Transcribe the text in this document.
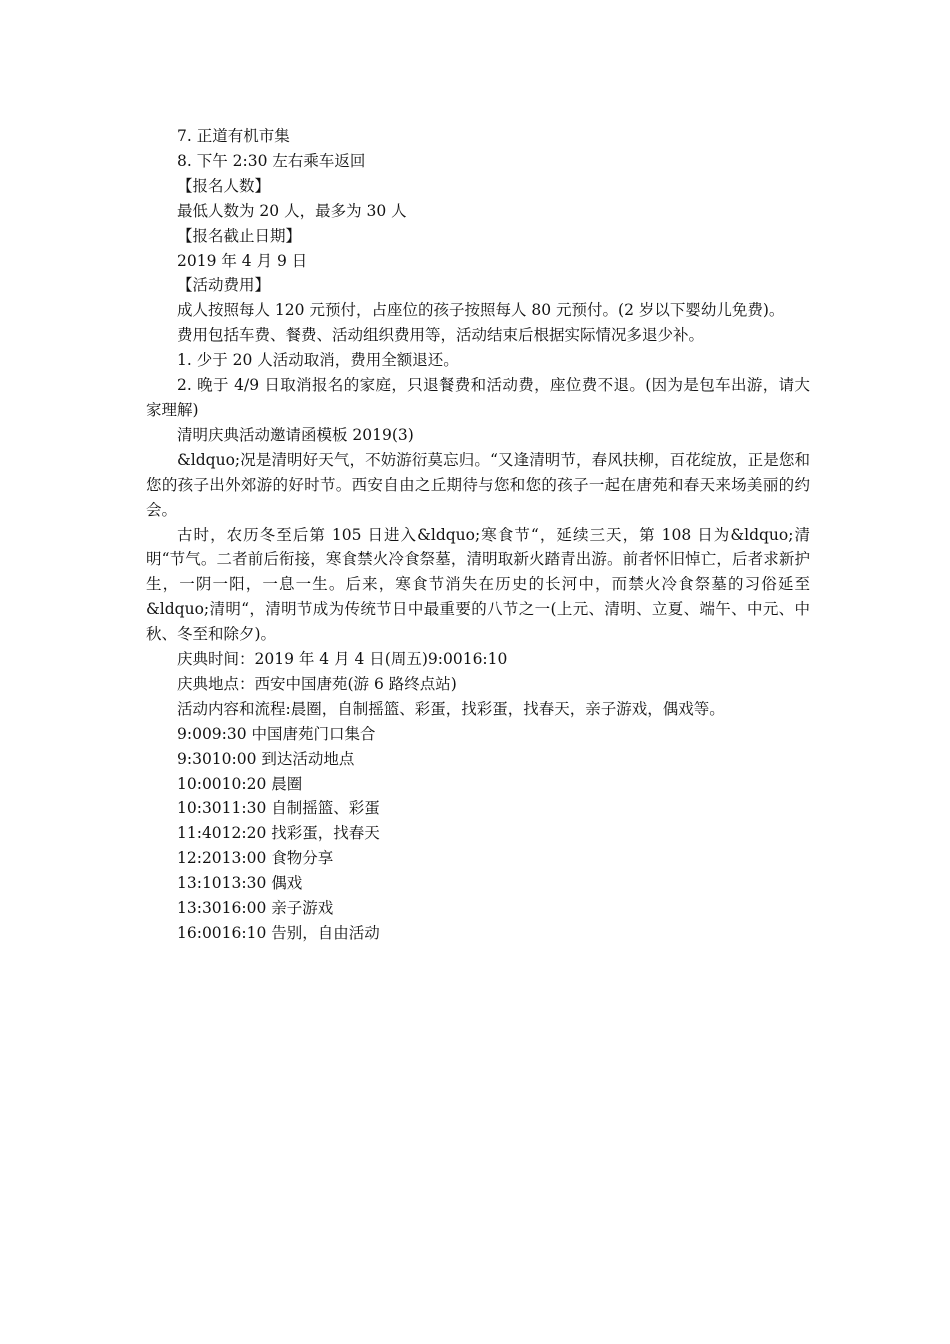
7. 正道有机市集

8. 下午 2:30 左右乘车返回

【报名人数】

最低人数为 20 人，最多为 30 人

【报名截止日期】

2019 年 4 月 9 日

【活动费用】

成人按照每人 120 元预付，占座位的孩子按照每人 80 元预付。(2 岁以下婴幼儿免费)。

费用包括车费、餐费、活动组织费用等，活动结束后根据实际情况多退少补。

1. 少于 20 人活动取消，费用全额退还。

2. 晚于 4/9 日取消报名的家庭，只退餐费和活动费，座位费不退。(因为是包车出游，请大家理解)

清明庆典活动邀请函模板 2019(3)

&ldquo;况是清明好天气，不妨游衍莫忘归。“又逢清明节，春风扶柳，百花绽放，正是您和您的孩子出外郊游的好时节。西安自由之丘期待与您和您的孩子一起在唐苑和春天来场美丽的约会。

古时，农历冬至后第 105 日进入&ldquo;寒食节“，延续三天，第 108 日为&ldquo;清明“节气。二者前后衔接，寒食禁火冷食祭墓，清明取新火踏青出游。前者怀旧悼亡，后者求新护生，一阴一阳，一息一生。后来，寒食节消失在历史的长河中，而禁火冷食祭墓的习俗延至&ldquo;清明“，清明节成为传统节日中最重要的八节之一(上元、清明、立夏、端午、中元、中秋、冬至和除夕)。

庆典时间：2019 年 4 月 4 日(周五)9:0016:10

庆典地点：西安中国唐苑(游 6 路终点站)

活动内容和流程:晨圈，自制摇篮、彩蛋，找彩蛋，找春天，亲子游戏，偶戏等。

9:009:30 中国唐苑门口集合

9:3010:00 到达活动地点

10:0010:20 晨圈

10:3011:30 自制摇篮、彩蛋

11:4012:20 找彩蛋，找春天

12:2013:00 食物分享

13:1013:30 偶戏

13:3016:00 亲子游戏

16:0016:10 告别，自由活动
